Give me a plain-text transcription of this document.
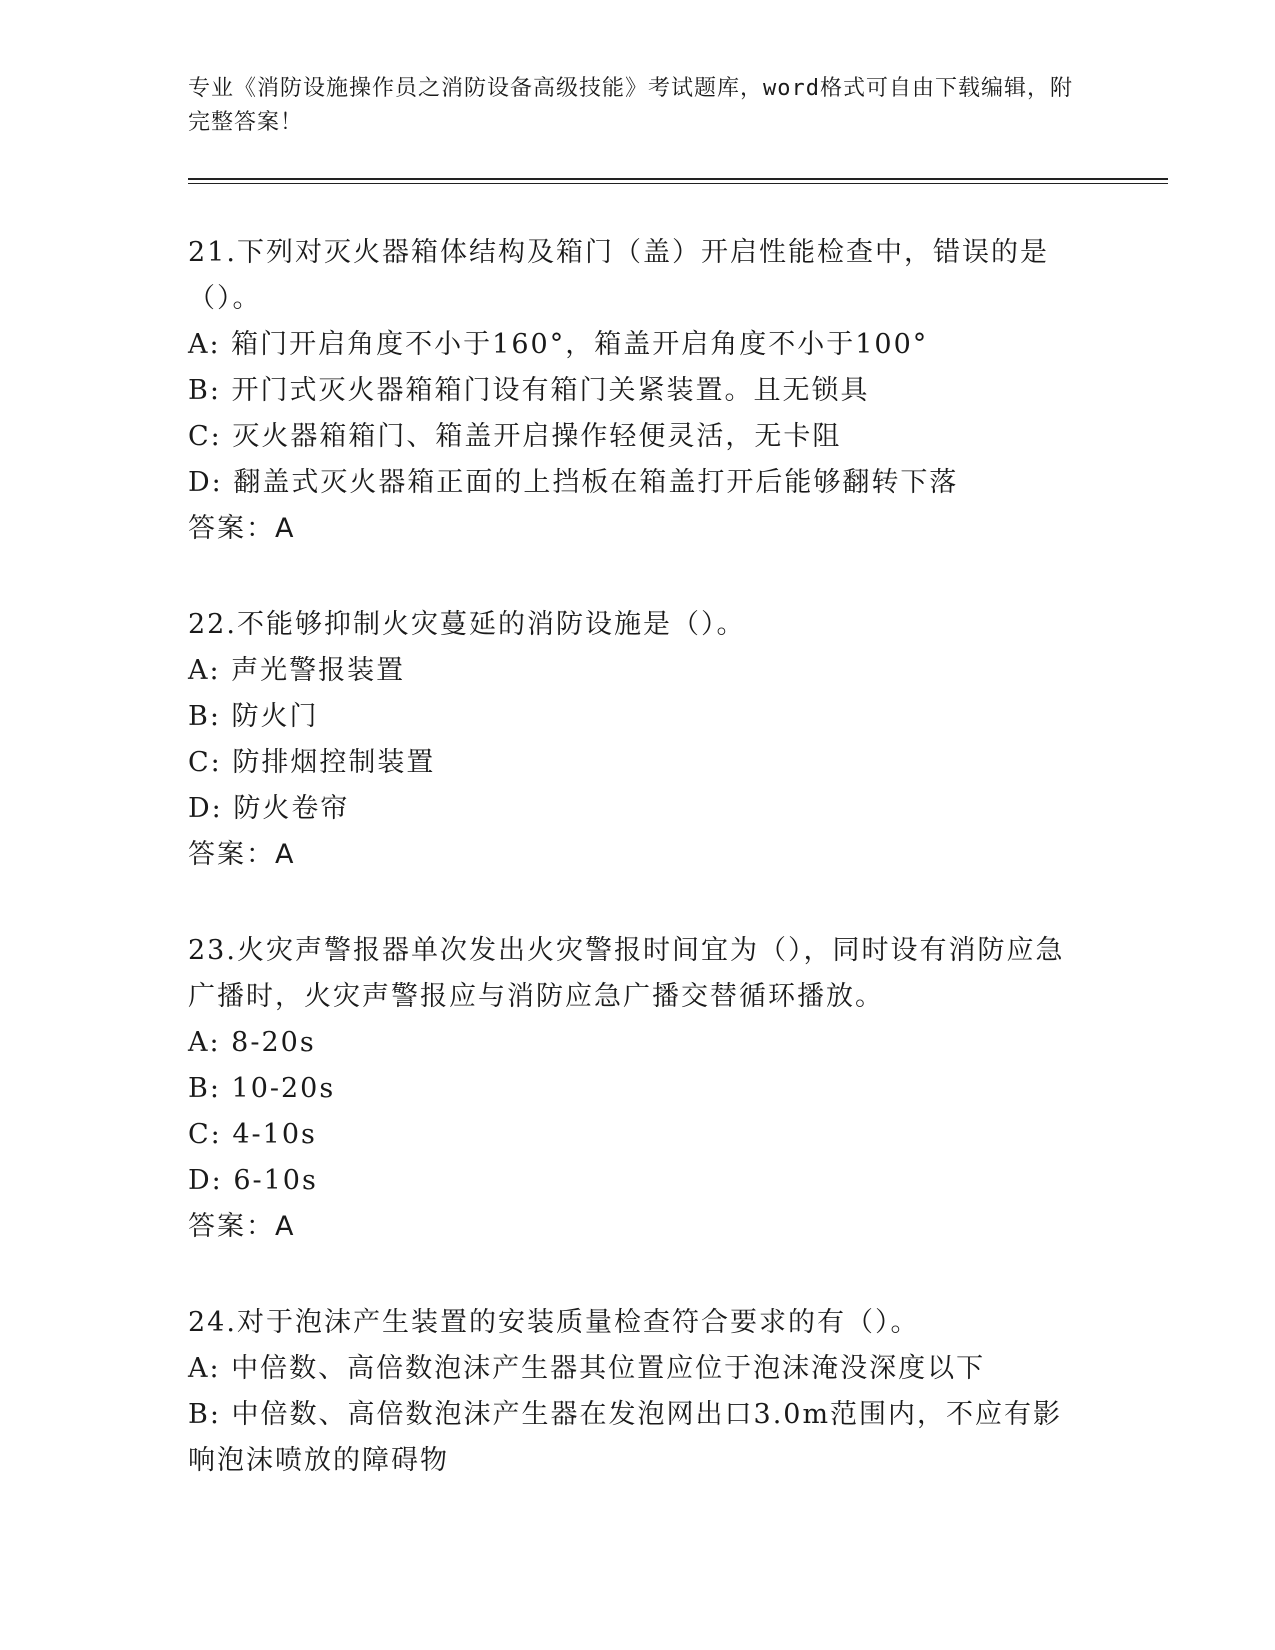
专业《消防设施操作员之消防设备高级技能》考试题库，word格式可自由下载编辑，附完整答案！

21.下列对灭火器箱体结构及箱门（盖）开启性能检查中，错误的是（）。

A: 箱门开启角度不小于160°，箱盖开启角度不小于100°

B: 开门式灭火器箱箱门设有箱门关紧装置。且无锁具

C: 灭火器箱箱门、箱盖开启操作轻便灵活，无卡阻

D: 翻盖式灭火器箱正面的上挡板在箱盖打开后能够翻转下落

答案：A

22.不能够抑制火灾蔓延的消防设施是（）。

A: 声光警报装置

B: 防火门

C: 防排烟控制装置

D: 防火卷帘

答案：A

23.火灾声警报器单次发出火灾警报时间宜为（），同时设有消防应急广播时，火灾声警报应与消防应急广播交替循环播放。

A: 8-20s

B: 10-20s

C: 4-10s

D: 6-10s

答案：A

24.对于泡沫产生装置的安装质量检查符合要求的有（）。

A: 中倍数、高倍数泡沫产生器其位置应位于泡沫淹没深度以下

B: 中倍数、高倍数泡沫产生器在发泡网出口3.0m范围内，不应有影响泡沫喷放的障碍物
